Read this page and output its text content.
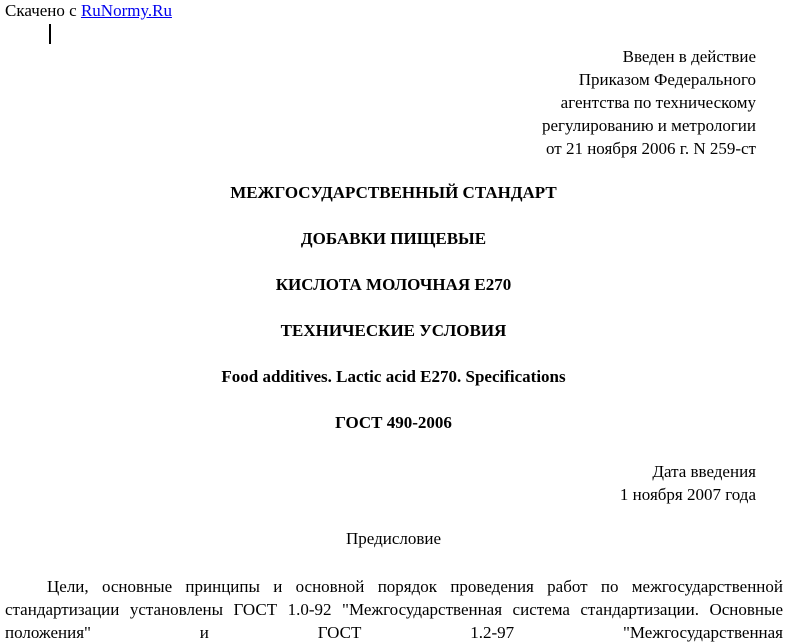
Скачено с RuNormy.Ru
Введен в действие
Приказом Федерального
агентства по техническому
регулированию и метрологии
от 21 ноября 2006 г. N 259-ст
МЕЖГОСУДАРСТВЕННЫЙ СТАНДАРТ
ДОБАВКИ ПИЩЕВЫЕ
КИСЛОТА МОЛОЧНАЯ Е270
ТЕХНИЧЕСКИЕ УСЛОВИЯ
Food additives. Lactic acid E270. Specifications
ГОСТ 490-2006
Дата введения
1 ноября 2007 года
Предисловие

Цели, основные принципы и основной порядок проведения работ по межгосударственной стандартизации установлены ГОСТ 1.0-92 "Межгосударственная система стандартизации. Основные положения" и ГОСТ 1.2-97 "Межгосударственная
